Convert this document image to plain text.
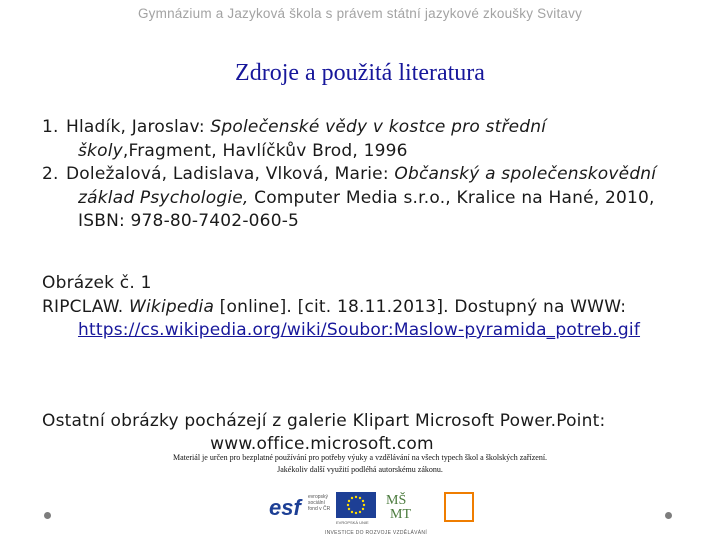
Gymnázium a Jazyková škola s právem státní jazykové zkoušky Svitavy
Zdroje a použitá literatura
1. Hladík, Jaroslav: Společenské vědy v kostce pro střední školy,Fragment, Havlíčkův Brod, 1996
2. Doležalová, Ladislava, Vlková, Marie: Občanský a společenskovědní základ Psychologie, Computer Media s.r.o., Kralice na Hané, 2010, ISBN: 978-80-7402-060-5
Obrázek č. 1
RIPCLAW. Wikipedia [online]. [cit. 18.11.2013]. Dostupný na WWW: https://cs.wikipedia.org/wiki/Soubor:Maslow-pyramida_potreb.gif
Ostatní obrázky pocházejí z galerie Klipart Microsoft Power.Point:
www.office.microsoft.com
Materiál je určen pro bezplatné používání pro potřeby výuky a vzdělávání na všech typech škol a školských zařízení.
Jakékoliv další využití podléhá autorskému zákonu.
esf	evropský sociální fond v ČR
EVROPSKÁ UNIE
MŠ
MT
INVESTICE DO ROZVOJE VZDĚLÁVÁNÍ
